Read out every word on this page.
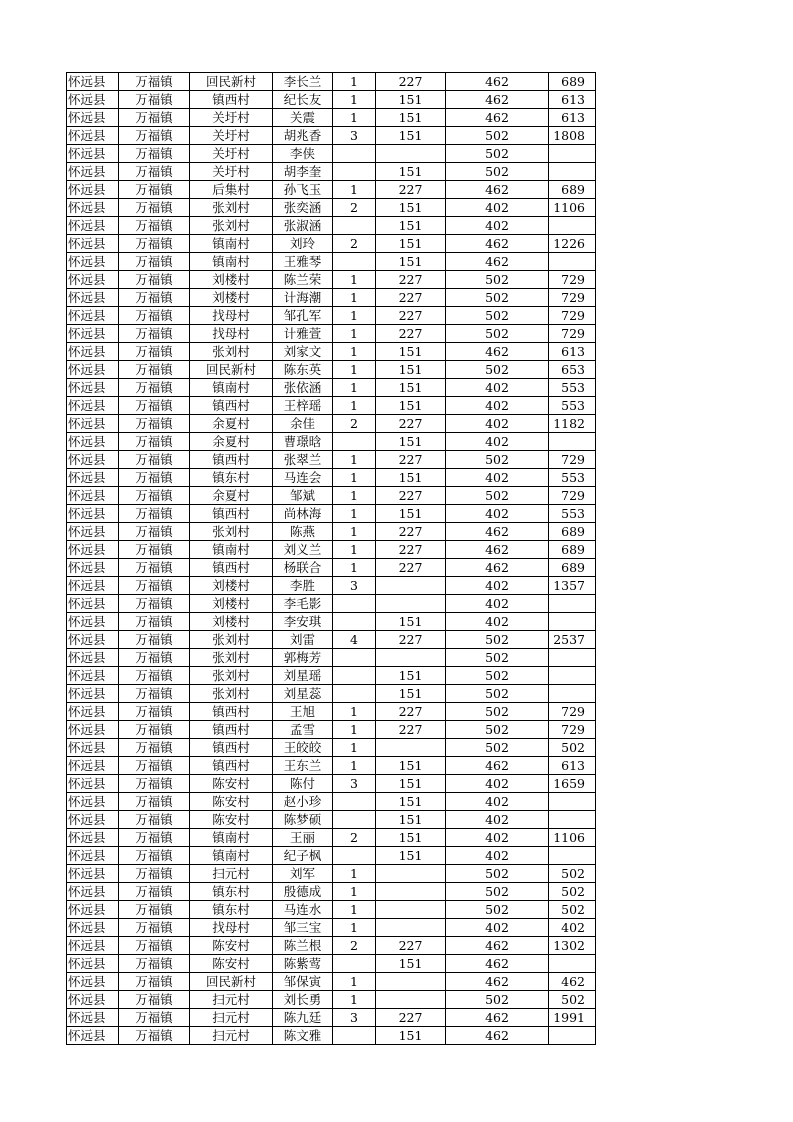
怀远县	万福镇	回民新村	李长兰	1	227	462	689
怀远县	万福镇	镇西村	纪长友	1	151	462	613
怀远县	万福镇	关圩村	关震	1	151	462	613
怀远县	万福镇	关圩村	胡兆香	3	151	502	1808
怀远县	万福镇	关圩村	李侠			502	
怀远县	万福镇	关圩村	胡李奎		151	502	
怀远县	万福镇	后集村	孙飞玉	1	227	462	689
怀远县	万福镇	张刘村	张奕涵	2	151	402	1106
怀远县	万福镇	张刘村	张淑涵		151	402	
怀远县	万福镇	镇南村	刘玲	2	151	462	1226
怀远县	万福镇	镇南村	王雅琴		151	462	
怀远县	万福镇	刘楼村	陈兰荣	1	227	502	729
怀远县	万福镇	刘楼村	计海潮	1	227	502	729
怀远县	万福镇	找母村	邹孔军	1	227	502	729
怀远县	万福镇	找母村	计雅萱	1	227	502	729
怀远县	万福镇	张刘村	刘家文	1	151	462	613
怀远县	万福镇	回民新村	陈东英	1	151	502	653
怀远县	万福镇	镇南村	张依涵	1	151	402	553
怀远县	万福镇	镇西村	王梓瑶	1	151	402	553
怀远县	万福镇	余夏村	余佳	2	227	402	1182
怀远县	万福镇	余夏村	曹璟晗		151	402	
怀远县	万福镇	镇西村	张翠兰	1	227	502	729
怀远县	万福镇	镇东村	马连会	1	151	402	553
怀远县	万福镇	余夏村	邹斌	1	227	502	729
怀远县	万福镇	镇西村	尚林海	1	151	402	553
怀远县	万福镇	张刘村	陈燕	1	227	462	689
怀远县	万福镇	镇南村	刘义兰	1	227	462	689
怀远县	万福镇	镇西村	杨联合	1	227	462	689
怀远县	万福镇	刘楼村	李胜	3		402	1357
怀远县	万福镇	刘楼村	李毛影			402	
怀远县	万福镇	刘楼村	李安琪		151	402	
怀远县	万福镇	张刘村	刘雷	4	227	502	2537
怀远县	万福镇	张刘村	郭梅芳			502	
怀远县	万福镇	张刘村	刘星瑶		151	502	
怀远县	万福镇	张刘村	刘星蕊		151	502	
怀远县	万福镇	镇西村	王旭	1	227	502	729
怀远县	万福镇	镇西村	孟雪	1	227	502	729
怀远县	万福镇	镇西村	王皎皎	1		502	502
怀远县	万福镇	镇西村	王东兰	1	151	462	613
怀远县	万福镇	陈安村	陈付	3	151	402	1659
怀远县	万福镇	陈安村	赵小珍		151	402	
怀远县	万福镇	陈安村	陈梦硕		151	402	
怀远县	万福镇	镇南村	王丽	2	151	402	1106
怀远县	万福镇	镇南村	纪子枫		151	402	
怀远县	万福镇	扫元村	刘军	1		502	502
怀远县	万福镇	镇东村	殷德成	1		502	502
怀远县	万福镇	镇东村	马连水	1		502	502
怀远县	万福镇	找母村	邹三宝	1		402	402
怀远县	万福镇	陈安村	陈兰根	2	227	462	1302
怀远县	万福镇	陈安村	陈紫莺		151	462	
怀远县	万福镇	回民新村	邹保寅	1		462	462
怀远县	万福镇	扫元村	刘长勇	1		502	502
怀远县	万福镇	扫元村	陈九廷	3	227	462	1991
怀远县	万福镇	扫元村	陈文雅		151	462	
